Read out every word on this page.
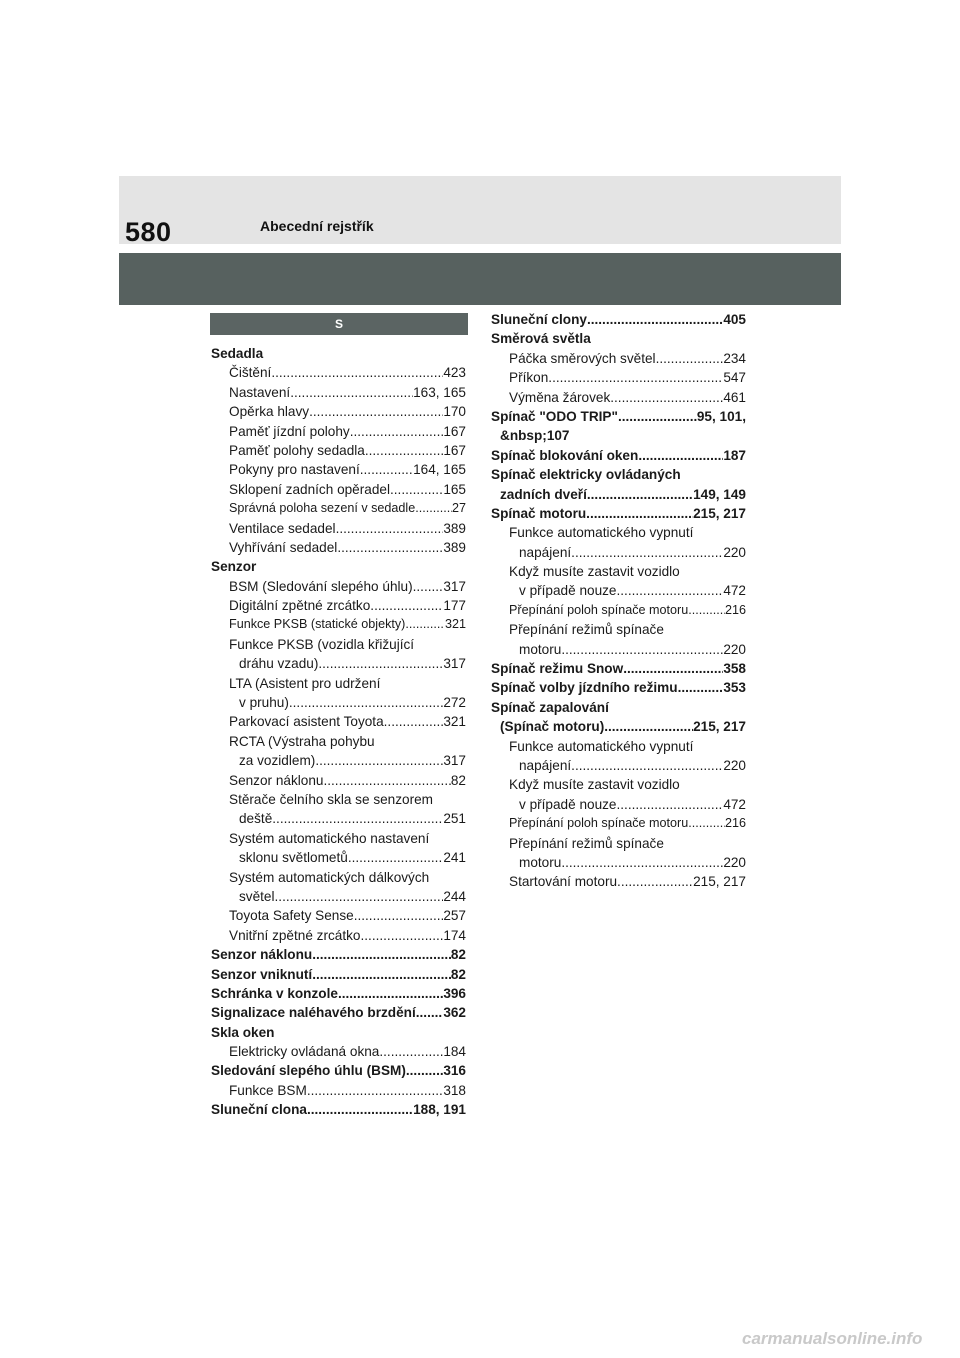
580	Abecední rejstřík
S
Sedadla
Čištění .....	423
Nastavení .....	163, 165
Opěrka hlavy .....	170
Paměť jízdní polohy .....	167
Paměť polohy sedadla .....	167
Pokyny pro nastavení .....	164, 165
Sklopení zadních opěradel .....	165
Správná poloha sezení v sedadle .....	27
Ventilace sedadel .....	389
Vyhřívání sedadel .....	389
Senzor
BSM (Sledování slepého úhlu) ..... 317
Digitální zpětné zrcátko .....	177
Funkce PKSB (statické objekty) .....	321
Funkce PKSB (vozidla křižující
dráhu vzadu) .....	317
LTA (Asistent pro udržení
v pruhu) .....	272
Parkovací asistent Toyota .....	321
RCTA (Výstraha pohybu
za vozidlem) .....	317
Senzor náklonu .....	82
Stěrače čelního skla se senzorem
deště .....	251
Systém automatického nastavení
sklonu světlometů .....	241
Systém automatických dálkových
světel .....	244
Toyota Safety Sense .....	257
Vnitřní zpětné zrcátko .....	174
Senzor náklonu .....	82
Senzor vniknutí .....	82
Schránka v konzole .....	396
Signalizace naléhavého brzdění ..... 362
Skla oken
Elektricky ovládaná okna .....	184
Sledování slepého úhlu (BSM) .....	316
Funkce BSM .....	318
Sluneční clona .....	188, 191
Sluneční clony .....	405
Směrová světla
Páčka směrových světel .....	234
Příkon .....	547
Výměna žárovek .....	461
Spínač "ODO TRIP" .....	95, 101,
&nbsp;107
Spínač blokování oken .....	187
Spínač elektricky ovládaných
zadních dveří .....	149, 149
Spínač motoru .....	215, 217
Funkce automatického vypnutí
napájení .....	220
Když musíte zastavit vozidlo
v případě nouze .....	472
Přepínání poloh spínače motoru .....	216
Přepínání režimů spínače
motoru .....	220
Spínač režimu Snow .....	358
Spínač volby jízdního režimu .....	353
Spínač zapalování
(Spínač motoru) .....	215, 217
Funkce automatického vypnutí
napájení .....	220
Když musíte zastavit vozidlo
v případě nouze .....	472
Přepínání poloh spínače motoru .....	216
Přepínání režimů spínače
motoru .....	220
Startování motoru .....	215, 217
carmanualsonline.info
